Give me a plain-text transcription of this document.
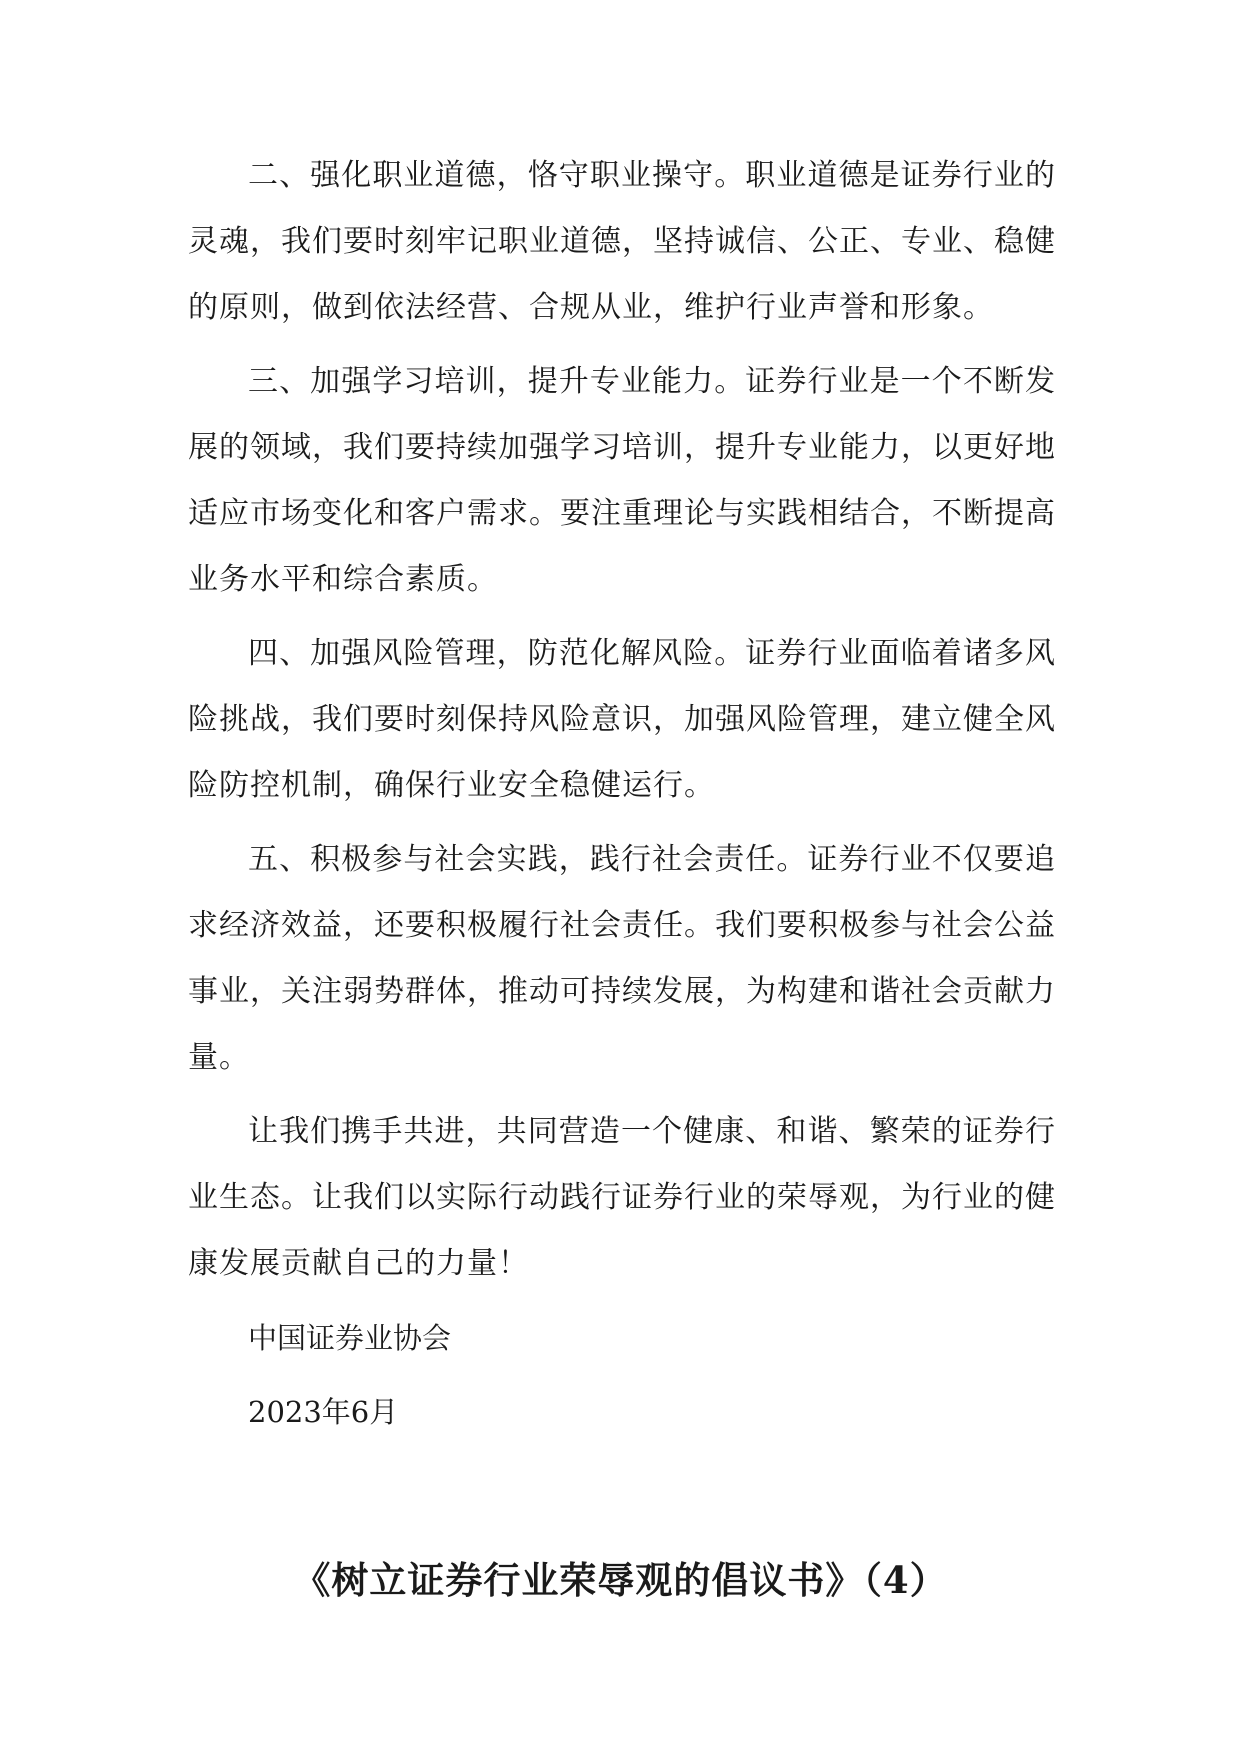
二、强化职业道德，恪守职业操守。职业道德是证券行业的灵魂，我们要时刻牢记职业道德，坚持诚信、公正、专业、稳健的原则，做到依法经营、合规从业，维护行业声誉和形象。

三、加强学习培训，提升专业能力。证券行业是一个不断发展的领域，我们要持续加强学习培训，提升专业能力，以更好地适应市场变化和客户需求。要注重理论与实践相结合，不断提高业务水平和综合素质。

四、加强风险管理，防范化解风险。证券行业面临着诸多风险挑战，我们要时刻保持风险意识，加强风险管理，建立健全风险防控机制，确保行业安全稳健运行。

五、积极参与社会实践，践行社会责任。证券行业不仅要追求经济效益，还要积极履行社会责任。我们要积极参与社会公益事业，关注弱势群体，推动可持续发展，为构建和谐社会贡献力量。

让我们携手共进，共同营造一个健康、和谐、繁荣的证券行业生态。让我们以实际行动践行证券行业的荣辱观，为行业的健康发展贡献自己的力量！

中国证券业协会

2023年6月

《树立证券行业荣辱观的倡议书》（4）
